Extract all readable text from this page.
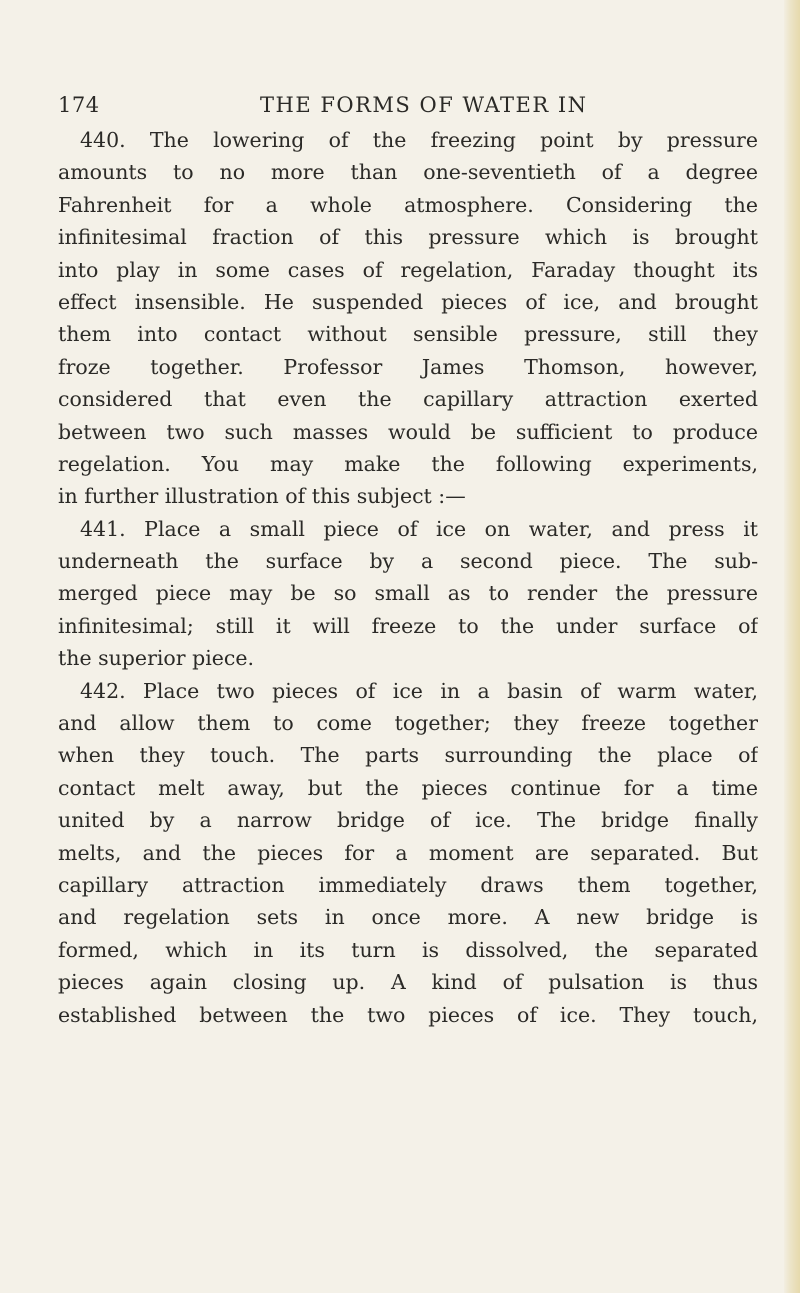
174	THE FORMS OF WATER IN
440. The lowering of the freezing point by pressure
amounts to no more than one-seventieth of a degree
Fahrenheit for a whole atmosphere. Considering the
infinitesimal fraction of this pressure which is brought
into play in some cases of regelation, Faraday thought its
effect insensible. He suspended pieces of ice, and brought
them into contact without sensible pressure, still they
froze together. Professor James Thomson, however,
considered that even the capillary attraction exerted
between two such masses would be sufficient to produce
regelation. You may make the following experiments,
in further illustration of this subject :—
441. Place a small piece of ice on water, and press it
underneath the surface by a second piece. The sub-
merged piece may be so small as to render the pressure
infinitesimal; still it will freeze to the under surface of
the superior piece.
442. Place two pieces of ice in a basin of warm water,
and allow them to come together; they freeze together
when they touch. The parts surrounding the place of
contact melt away, but the pieces continue for a time
united by a narrow bridge of ice. The bridge finally
melts, and the pieces for a moment are separated. But
capillary attraction immediately draws them together,
and regelation sets in once more. A new bridge is
formed, which in its turn is dissolved, the separated
pieces again closing up. A kind of pulsation is thus
established between the two pieces of ice. They touch,
